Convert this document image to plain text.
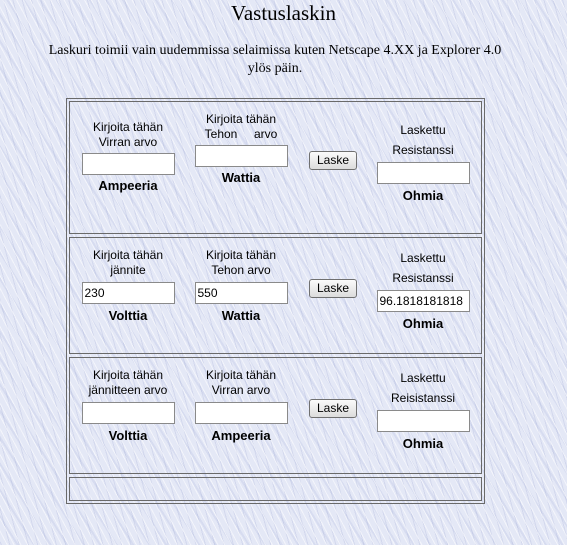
Vastuslaskin
Laskuri toimii vain uudemmissa selaimissa kuten Netscape 4.XX ja Explorer 4.0 ylös päin.
Kirjoita tähän
Virran arvo
Ampeeria
Kirjoita tähän
Tehon     arvo
Wattia
Laske
Laskettu
Resistanssi
Ohmia
Kirjoita tähän
jännite
230
Volttia
Kirjoita tähän
Tehon arvo
550
Wattia
Laske
Laskettu
Resistanssi
96.1818181818
Ohmia
Kirjoita tähän
jännitteen arvo
Volttia
Kirjoita tähän
Virran arvo
Ampeeria
Laske
Laskettu
Reisistanssi
Ohmia
